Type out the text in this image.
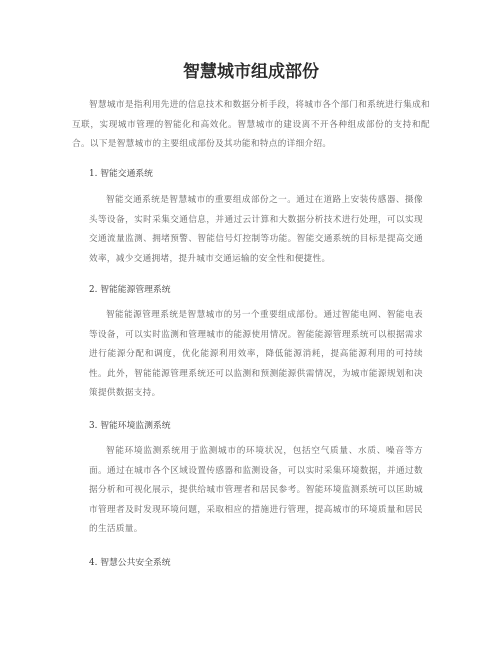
智慧城市组成部份

智慧城市是指利用先进的信息技术和数据分析手段，将城市各个部门和系统进行集成和互联，实现城市管理的智能化和高效化。智慧城市的建设离不开各种组成部份的支持和配合。以下是智慧城市的主要组成部份及其功能和特点的详细介绍。

1. 智能交通系统

智能交通系统是智慧城市的重要组成部份之一。通过在道路上安装传感器、摄像头等设备，实时采集交通信息，并通过云计算和大数据分析技术进行处理，可以实现交通流量监测、拥堵预警、智能信号灯控制等功能。智能交通系统的目标是提高交通效率，减少交通拥堵，提升城市交通运输的安全性和便捷性。

2. 智能能源管理系统

智能能源管理系统是智慧城市的另一个重要组成部份。通过智能电网、智能电表等设备，可以实时监测和管理城市的能源使用情况。智能能源管理系统可以根据需求进行能源分配和调度，优化能源利用效率，降低能源消耗，提高能源利用的可持续性。此外，智能能源管理系统还可以监测和预测能源供需情况，为城市能源规划和决策提供数据支持。

3. 智能环境监测系统

智能环境监测系统用于监测城市的环境状况，包括空气质量、水质、噪音等方面。通过在城市各个区域设置传感器和监测设备，可以实时采集环境数据，并通过数据分析和可视化展示，提供给城市管理者和居民参考。智能环境监测系统可以匡助城市管理者及时发现环境问题，采取相应的措施进行管理，提高城市的环境质量和居民的生活质量。

4. 智慧公共安全系统
